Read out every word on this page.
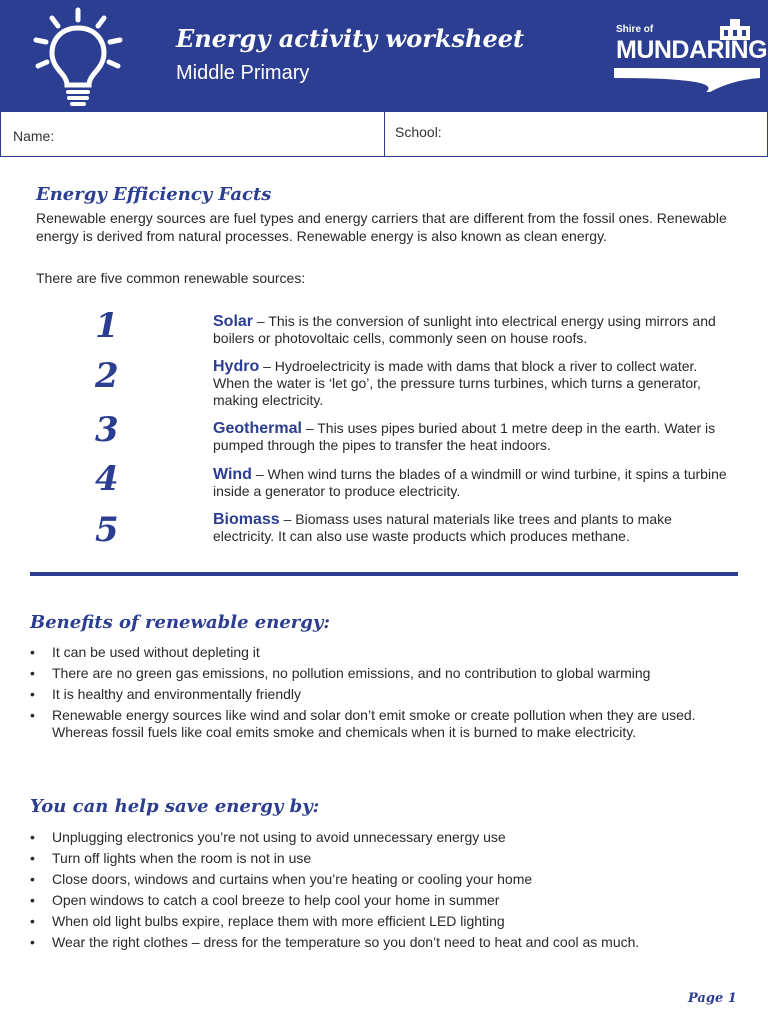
Energy activity worksheet
Middle Primary
Shire of
MUNDARING
Name:	School:
Energy Efficiency Facts
Renewable energy sources are fuel types and energy carriers that are different from the fossil ones. Renewable energy is derived from natural processes. Renewable energy is also known as clean energy.
There are five common renewable sources:
1	Solar – This is the conversion of sunlight into electrical energy using mirrors and boilers or photovoltaic cells, commonly seen on house roofs.
2	Hydro – Hydroelectricity is made with dams that block a river to collect water. When the water is ‘let go’, the pressure turns turbines, which turns a generator, making electricity.
3	Geothermal – This uses pipes buried about 1 metre deep in the earth. Water is pumped through the pipes to transfer the heat indoors.
4	Wind – When wind turns the blades of a windmill or wind turbine, it spins a turbine inside a generator to produce electricity.
5	Biomass – Biomass uses natural materials like trees and plants to make electricity. It can also use waste products which produces methane.
Benefits of renewable energy:
• It can be used without depleting it
• There are no green gas emissions, no pollution emissions, and no contribution to global warming
• It is healthy and environmentally friendly
• Renewable energy sources like wind and solar don’t emit smoke or create pollution when they are used. Whereas fossil fuels like coal emits smoke and chemicals when it is burned to make electricity.
You can help save energy by:
• Unplugging electronics you’re not using to avoid unnecessary energy use
• Turn off lights when the room is not in use
• Close doors, windows and curtains when you’re heating or cooling your home
• Open windows to catch a cool breeze to help cool your home in summer
• When old light bulbs expire, replace them with more efficient LED lighting
• Wear the right clothes – dress for the temperature so you don’t need to heat and cool as much.
Page 1
